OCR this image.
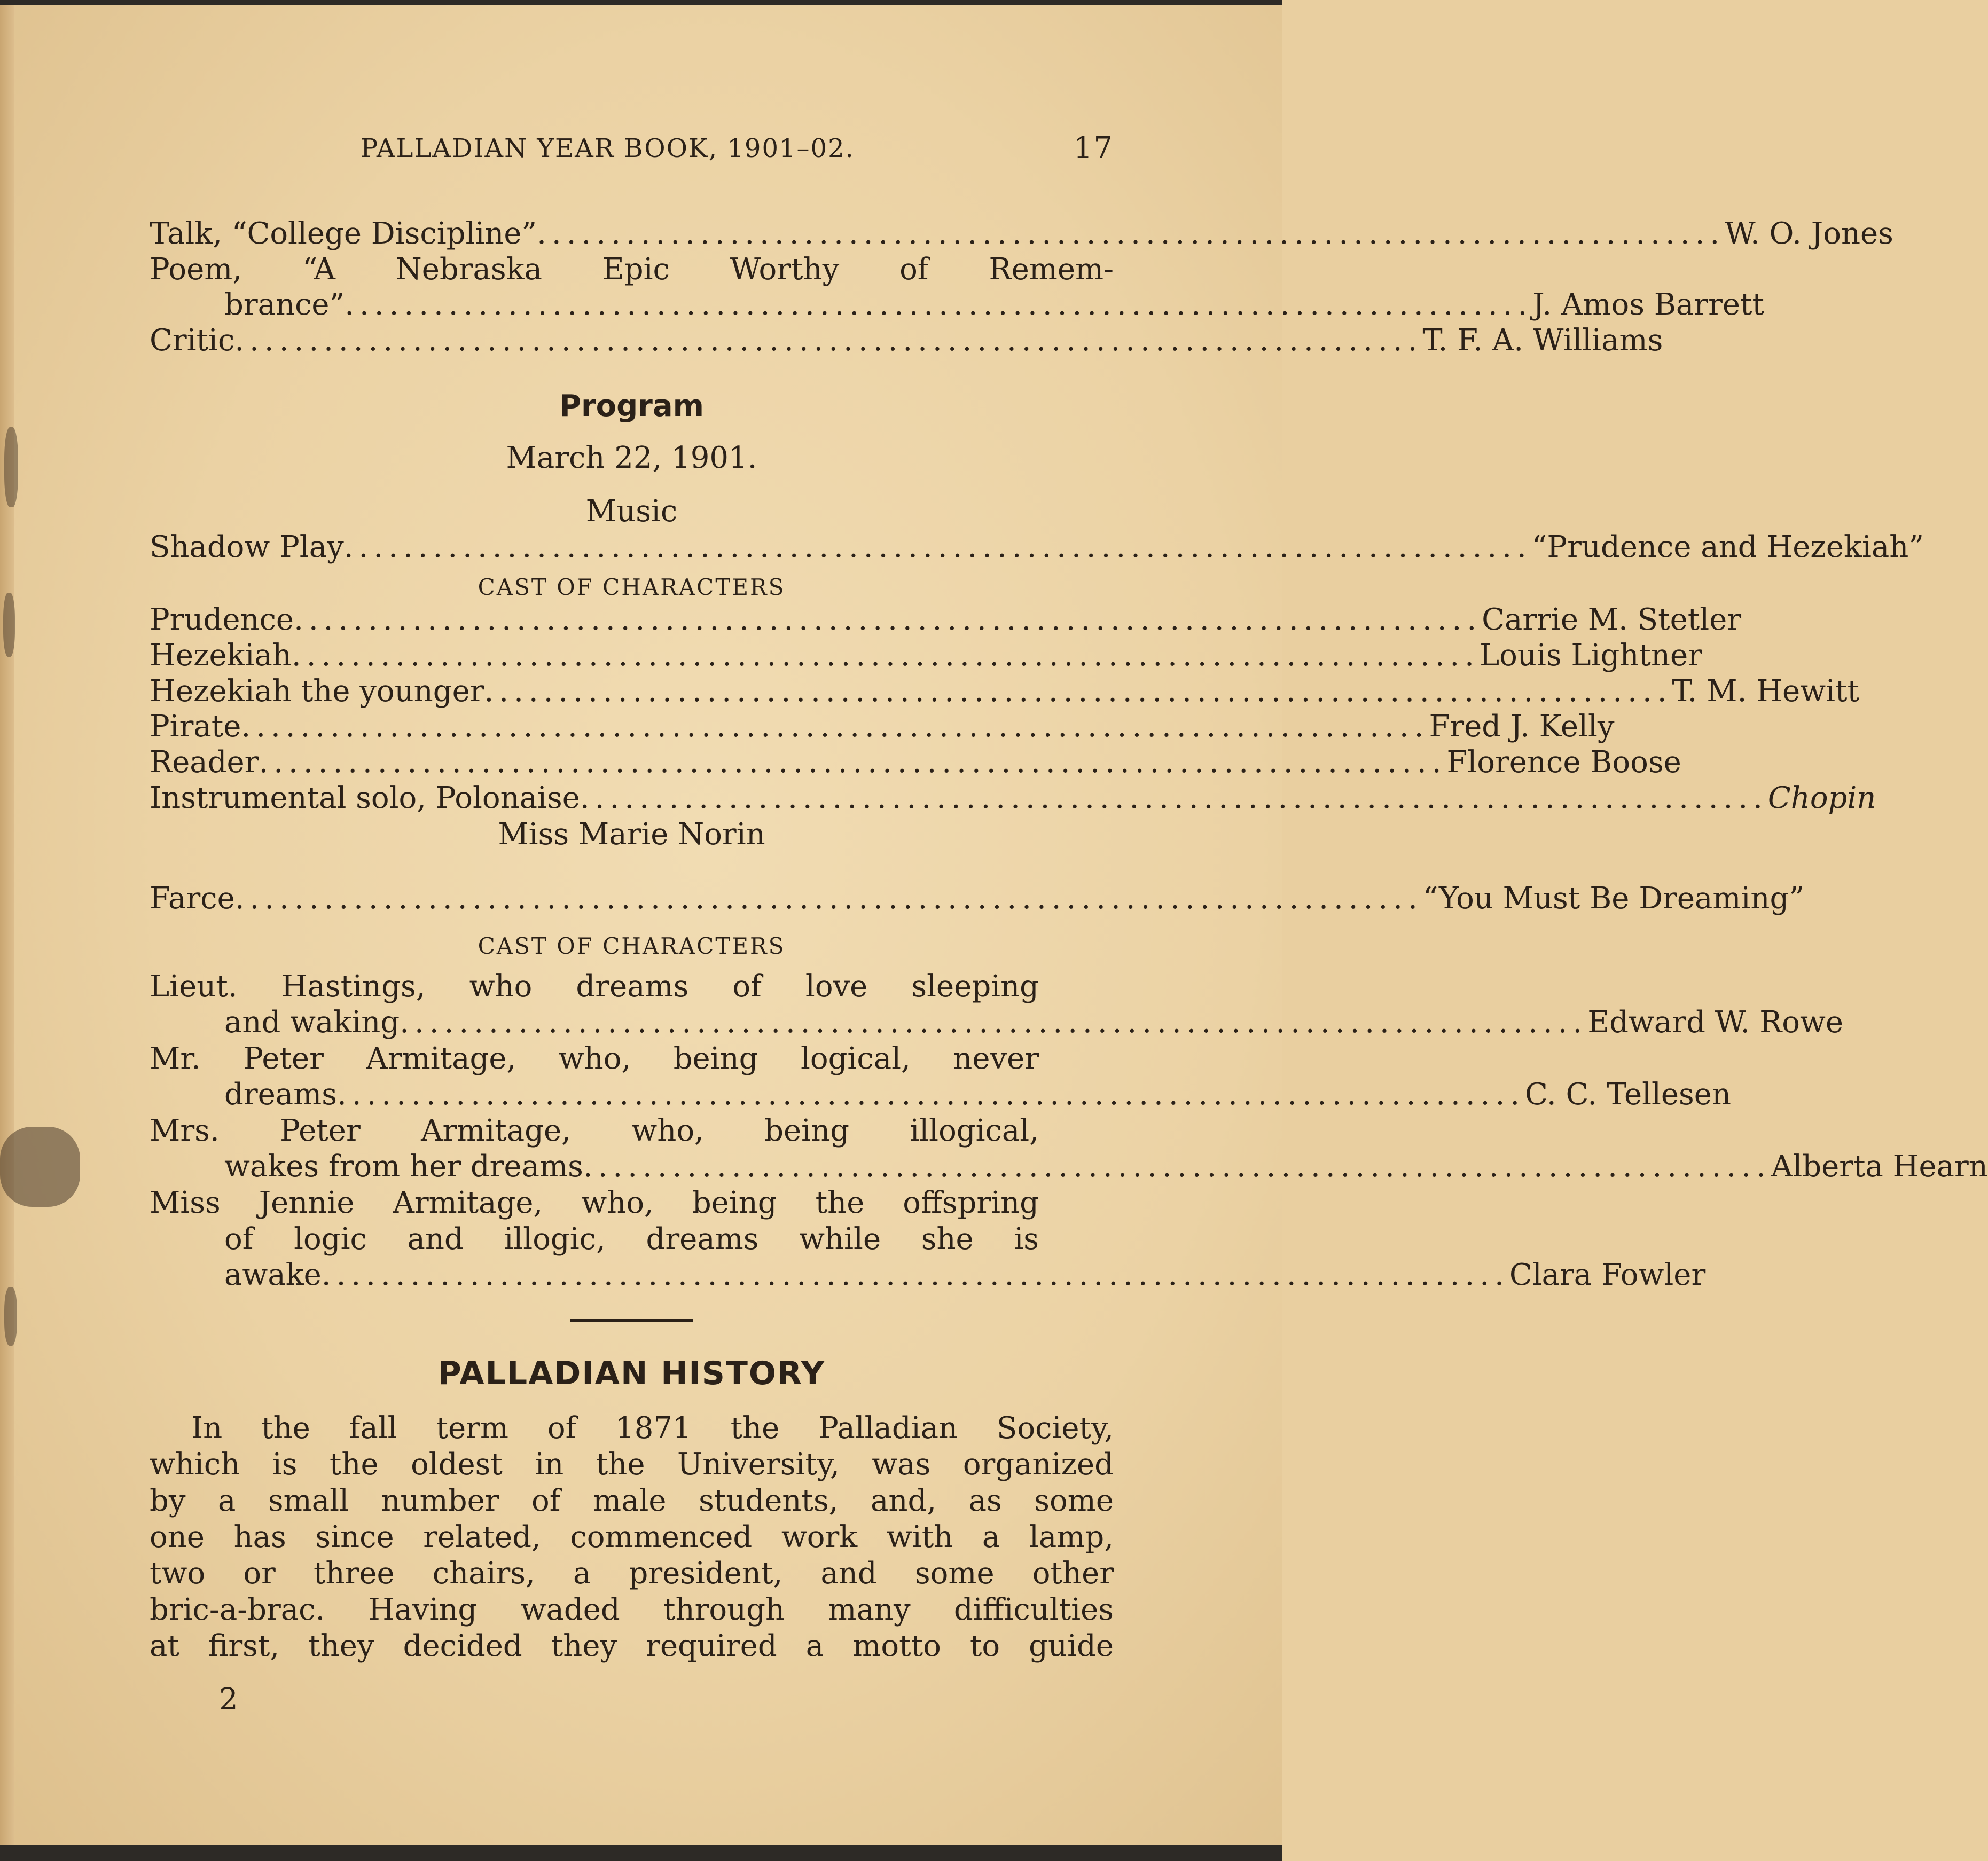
PALLADIAN YEAR BOOK, 1901–02.	17
Talk, “College Discipline” ................................................................................ W. O. Jones
Poem, “A Nebraska Epic Worthy of Remem-
brance” ................................................................................ J. Amos Barrett
Critic ................................................................................ T. F. A. Williams
Program
March 22, 1901.
Music
Shadow Play ................................................................................ “Prudence and Hezekiah”
CAST OF CHARACTERS
Prudence ................................................................................ Carrie M. Stetler
Hezekiah ................................................................................ Louis Lightner
Hezekiah the younger ................................................................................ T. M. Hewitt
Pirate ................................................................................ Fred J. Kelly
Reader ................................................................................ Florence Boose
Instrumental solo, Polonaise ................................................................................ Chopin
Miss Marie Norin
Farce ................................................................................ “You Must Be Dreaming”
CAST OF CHARACTERS
Lieut. Hastings, who dreams of love sleeping
and waking ................................................................................ Edward W. Rowe
Mr. Peter Armitage, who, being logical, never
dreams ................................................................................ C. C. Tellesen
Mrs. Peter Armitage, who, being illogical,
wakes from her dreams ................................................................................ Alberta Hearn
Miss Jennie Armitage, who, being the offspring
of logic and illogic, dreams while she is
awake ................................................................................ Clara Fowler
PALLADIAN HISTORY
In the fall term of 1871 the Palladian Society,
which is the oldest in the University, was organized
by a small number of male students, and, as some
one has since related, commenced work with a lamp,
two or three chairs, a president, and some other
bric-a-brac. Having waded through many difficulties
at first, they decided they required a motto to guide
2
